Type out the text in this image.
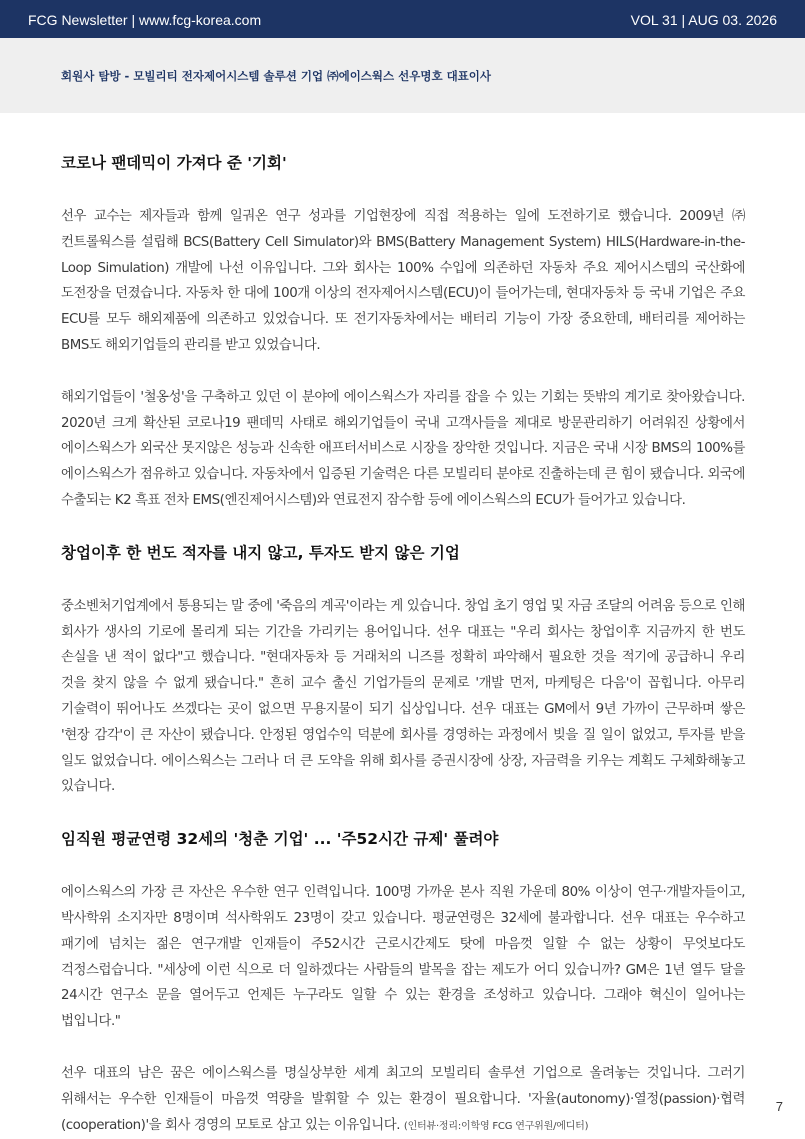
FCG Newsletter | www.fcg-korea.com	VOL 31 | AUG 03. 2026
회원사 탐방 - 모빌리티 전자제어시스템 솔루션 기업 ㈜에이스웍스 선우명호 대표이사
코로나 팬데믹이 가져다 준 '기회'

선우 교수는 제자들과 함께 일궈온 연구 성과를 기업현장에 직접 적용하는 일에 도전하기로 했습니다. 2009년 ㈜컨트롤웍스를 설립해 BCS(Battery Cell Simulator)와 BMS(Battery Management System) HILS(Hardware-in-the-Loop Simulation) 개발에 나선 이유입니다. 그와 회사는 100% 수입에 의존하던 자동차 주요 제어시스템의 국산화에 도전장을 던졌습니다. 자동차 한 대에 100개 이상의 전자제어시스템(ECU)이 들어가는데, 현대자동차 등 국내 기업은 주요 ECU를 모두 해외제품에 의존하고 있었습니다. 또 전기자동차에서는 배터리 기능이 가장 중요한데, 배터리를 제어하는 BMS도 해외기업들의 관리를 받고 있었습니다.

해외기업들이 '철옹성'을 구축하고 있던 이 분야에 에이스웍스가 자리를 잡을 수 있는 기회는 뜻밖의 계기로 찾아왔습니다. 2020년 크게 확산된 코로나19 팬데믹 사태로 해외기업들이 국내 고객사들을 제대로 방문관리하기 어려워진 상황에서 에이스웍스가 외국산 못지않은 성능과 신속한 애프터서비스로 시장을 장악한 것입니다. 지금은 국내 시장 BMS의 100%를 에이스웍스가 점유하고 있습니다. 자동차에서 입증된 기술력은 다른 모빌리티 분야로 진출하는데 큰 힘이 됐습니다. 외국에 수출되는 K2 흑표 전차 EMS(엔진제어시스템)와 연료전지 잠수함 등에 에이스웍스의 ECU가 들어가고 있습니다.

창업이후 한 번도 적자를 내지 않고, 투자도 받지 않은 기업

중소벤처기업계에서 통용되는 말 중에 '죽음의 계곡'이라는 게 있습니다. 창업 초기 영업 및 자금 조달의 어려움 등으로 인해 회사가 생사의 기로에 몰리게 되는 기간을 가리키는 용어입니다. 선우 대표는 "우리 회사는 창업이후 지금까지 한 번도 손실을 낸 적이 없다"고 했습니다. "현대자동차 등 거래처의 니즈를 정확히 파악해서 필요한 것을 적기에 공급하니 우리 것을 찾지 않을 수 없게 됐습니다." 흔히 교수 출신 기업가들의 문제로 '개발 먼저, 마케팅은 다음'이 꼽힙니다. 아무리 기술력이 뛰어나도 쓰겠다는 곳이 없으면 무용지물이 되기 십상입니다. 선우 대표는 GM에서 9년 가까이 근무하며 쌓은 '현장 감각'이 큰 자산이 됐습니다. 안정된 영업수익 덕분에 회사를 경영하는 과정에서 빚을 질 일이 없었고, 투자를 받을 일도 없었습니다. 에이스웍스는 그러나 더 큰 도약을 위해 회사를 증권시장에 상장, 자금력을 키우는 계획도 구체화해놓고 있습니다.

임직원 평균연령 32세의 '청춘 기업' ... '주52시간 규제' 풀려야

에이스웍스의 가장 큰 자산은 우수한 연구 인력입니다. 100명 가까운 본사 직원 가운데 80% 이상이 연구·개발자들이고, 박사학위 소지자만 8명이며 석사학위도 23명이 갖고 있습니다. 평균연령은 32세에 불과합니다. 선우 대표는 우수하고 패기에 넘치는 젊은 연구개발 인재들이 주52시간 근로시간제도 탓에 마음껏 일할 수 없는 상황이 무엇보다도 걱정스럽습니다. "세상에 이런 식으로 더 일하겠다는 사람들의 발목을 잡는 제도가 어디 있습니까? GM은 1년 열두 달을 24시간 연구소 문을 열어두고 언제든 누구라도 일할 수 있는 환경을 조성하고 있습니다. 그래야 혁신이 일어나는 법입니다."

선우 대표의 남은 꿈은 에이스웍스를 명실상부한 세계 최고의 모빌리티 솔루션 기업으로 올려놓는 것입니다. 그러기 위해서는 우수한 인재들이 마음껏 역량을 발휘할 수 있는 환경이 필요합니다. '자율(autonomy)·열정(passion)·협력(cooperation)'을 회사 경영의 모토로 삼고 있는 이유입니다. (인터뷰·정리:이학영 FCG 연구위원/에디터)

7
